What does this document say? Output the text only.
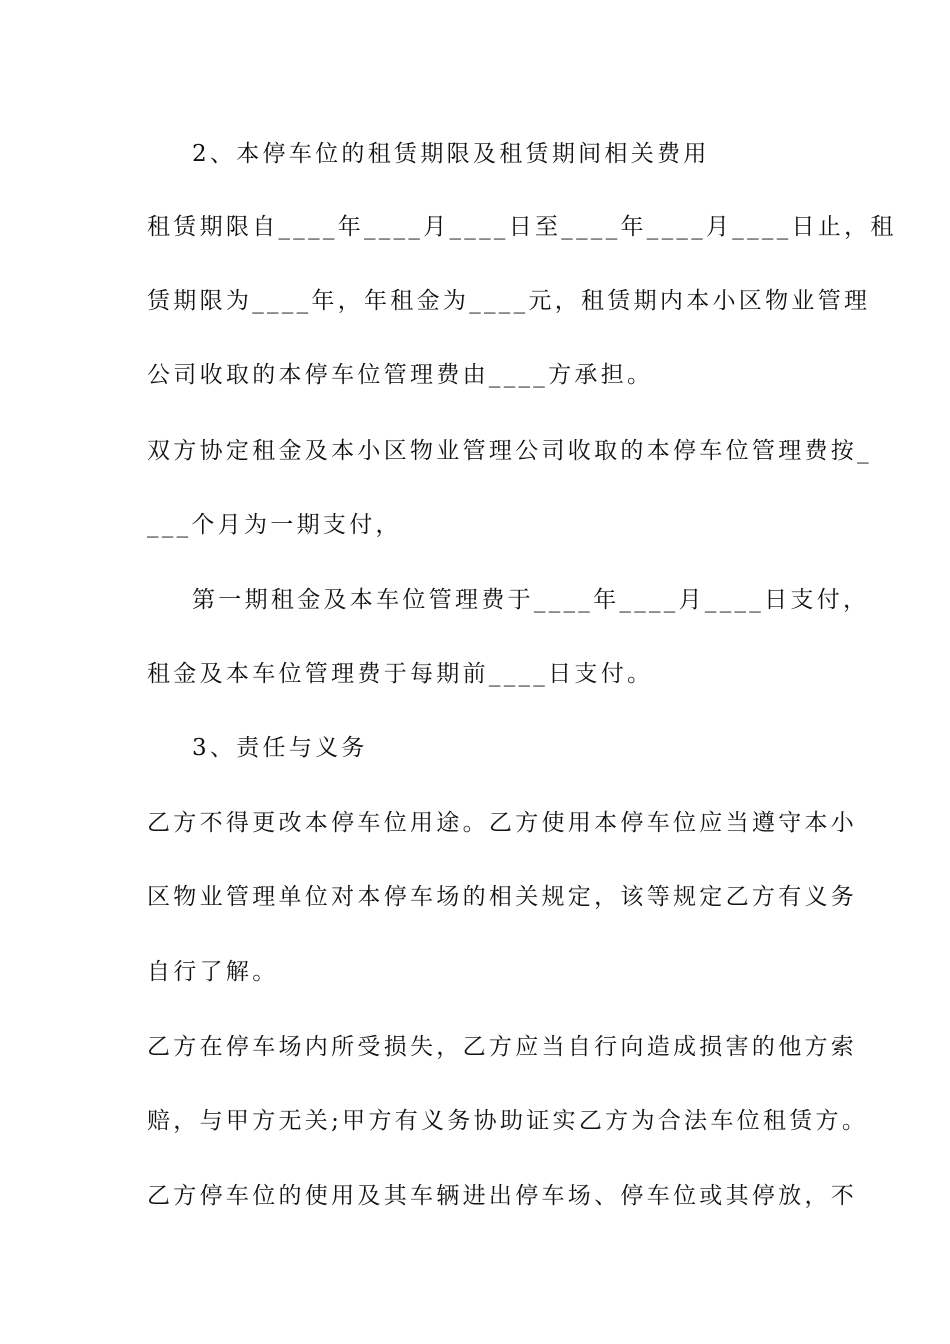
2、本停车位的租赁期限及租赁期间相关费用
租赁期限自____年____月____日至____年____月____日止，租
赁期限为____年，年租金为____元，租赁期内本小区物业管理
公司收取的本停车位管理费由____方承担。
双方协定租金及本小区物业管理公司收取的本停车位管理费按_
___个月为一期支付，
第一期租金及本车位管理费于____年____月____日支付，
租金及本车位管理费于每期前____日支付。
3、责任与义务
乙方不得更改本停车位用途。乙方使用本停车位应当遵守本小
区物业管理单位对本停车场的相关规定，该等规定乙方有义务
自行了解。
乙方在停车场内所受损失，乙方应当自行向造成损害的他方索
赔，与甲方无关;甲方有义务协助证实乙方为合法车位租赁方。
乙方停车位的使用及其车辆进出停车场、停车位或其停放，不
